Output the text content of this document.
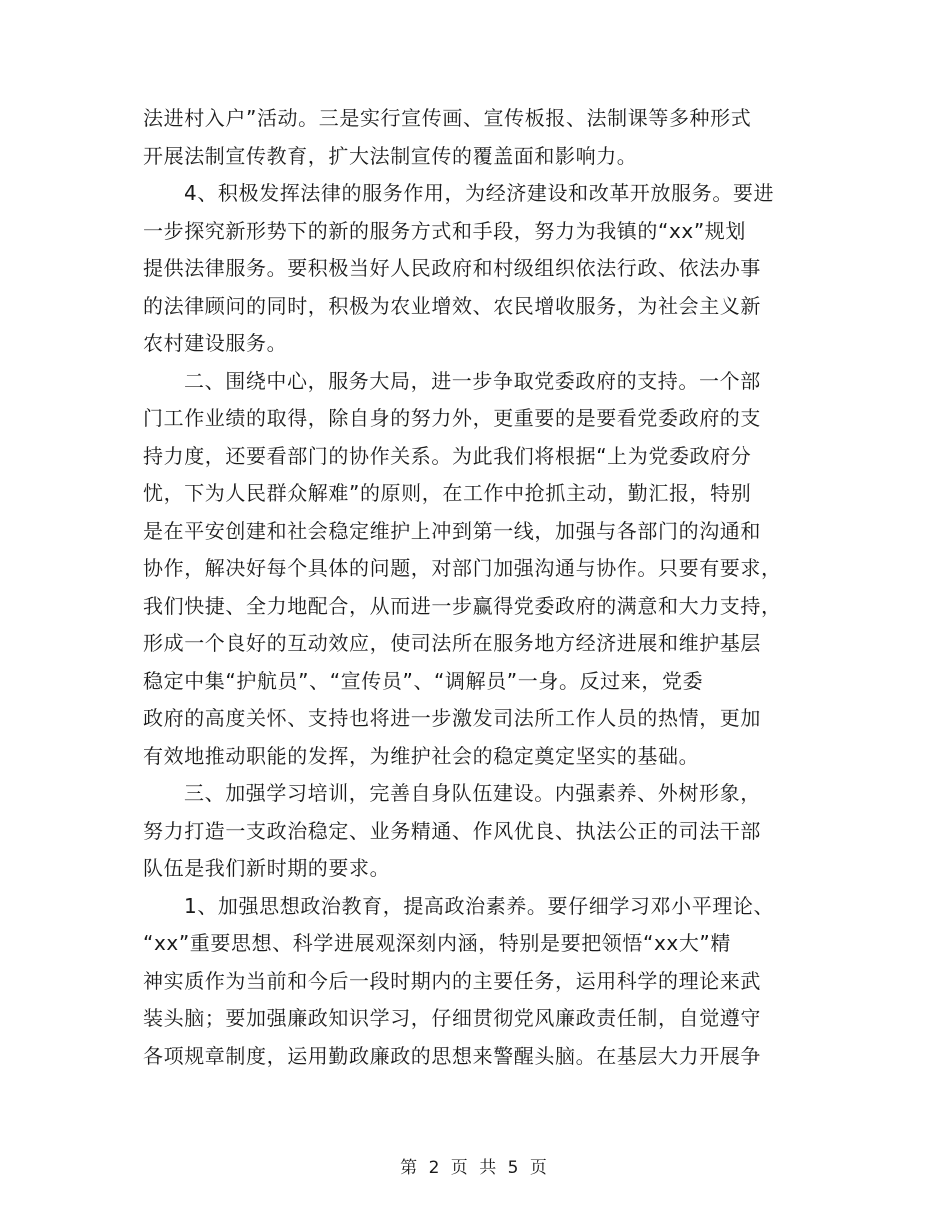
法进村入户”活动。三是实行宣传画、宣传板报、法制课等多种形式
开展法制宣传教育，扩大法制宣传的覆盖面和影响力。
4、积极发挥法律的服务作用，为经济建设和改革开放服务。要进
一步探究新形势下的新的服务方式和手段，努力为我镇的“xx”规划
提供法律服务。要积极当好人民政府和村级组织依法行政、依法办事
的法律顾问的同时，积极为农业增效、农民增收服务，为社会主义新
农村建设服务。
二、围绕中心，服务大局，进一步争取党委政府的支持。一个部
门工作业绩的取得，除自身的努力外，更重要的是要看党委政府的支
持力度，还要看部门的协作关系。为此我们将根据“上为党委政府分
忧，下为人民群众解难”的原则，在工作中抢抓主动，勤汇报，特别
是在平安创建和社会稳定维护上冲到第一线，加强与各部门的沟通和
协作，解决好每个具体的问题，对部门加强沟通与协作。只要有要求，
我们快捷、全力地配合，从而进一步赢得党委政府的满意和大力支持，
形成一个良好的互动效应，使司法所在服务地方经济进展和维护基层
稳定中集“护航员”、“宣传员”、“调解员”一身。反过来，党委
政府的高度关怀、支持也将进一步激发司法所工作人员的热情，更加
有效地推动职能的发挥，为维护社会的稳定奠定坚实的基础。
三、加强学习培训，完善自身队伍建设。内强素养、外树形象，
努力打造一支政治稳定、业务精通、作风优良、执法公正的司法干部
队伍是我们新时期的要求。
1、加强思想政治教育，提高政治素养。要仔细学习邓小平理论、
“xx”重要思想、科学进展观深刻内涵，特别是要把领悟“xx大”精
神实质作为当前和今后一段时期内的主要任务，运用科学的理论来武
装头脑；要加强廉政知识学习，仔细贯彻党风廉政责任制，自觉遵守
各项规章制度，运用勤政廉政的思想来警醒头脑。在基层大力开展争
第 2 页 共 5 页
